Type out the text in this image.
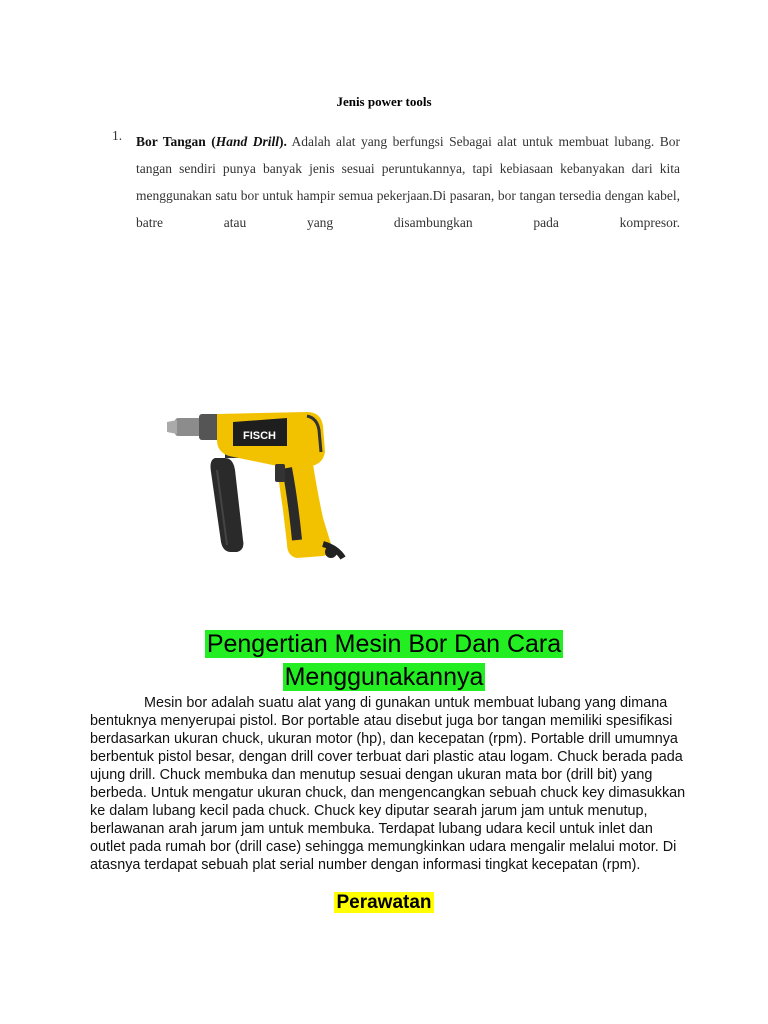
Jenis power tools
1. Bor Tangan (Hand Drill). Adalah alat yang berfungsi Sebagai alat untuk membuat lubang. Bor tangan sendiri punya banyak jenis sesuai peruntukannya, tapi kebiasaan kebanyakan dari kita menggunakan satu bor untuk hampir semua pekerjaan.Di pasaran, bor tangan tersedia dengan kabel, batre atau yang disambungkan pada kompresor.
FISCH
Pengertian Mesin Bor Dan Cara
Menggunakannya
Mesin bor adalah suatu alat yang di gunakan untuk membuat lubang yang dimana bentuknya menyerupai pistol. Bor portable atau disebut juga bor tangan memiliki spesifikasi berdasarkan ukuran chuck, ukuran motor (hp), dan kecepatan (rpm). Portable drill umumnya berbentuk pistol besar, dengan drill cover terbuat dari plastic atau logam. Chuck berada pada ujung drill. Chuck membuka dan menutup sesuai dengan ukuran mata bor (drill bit) yang berbeda. Untuk mengatur ukuran chuck, dan mengencangkan sebuah chuck key dimasukkan ke dalam lubang kecil pada chuck. Chuck key diputar searah jarum jam untuk menutup, berlawanan arah jarum jam untuk membuka. Terdapat lubang udara kecil untuk inlet dan outlet pada rumah bor (drill case) sehingga memungkinkan udara mengalir melalui motor. Di atasnya terdapat sebuah plat serial number dengan informasi tingkat kecepatan (rpm).
Perawatan
